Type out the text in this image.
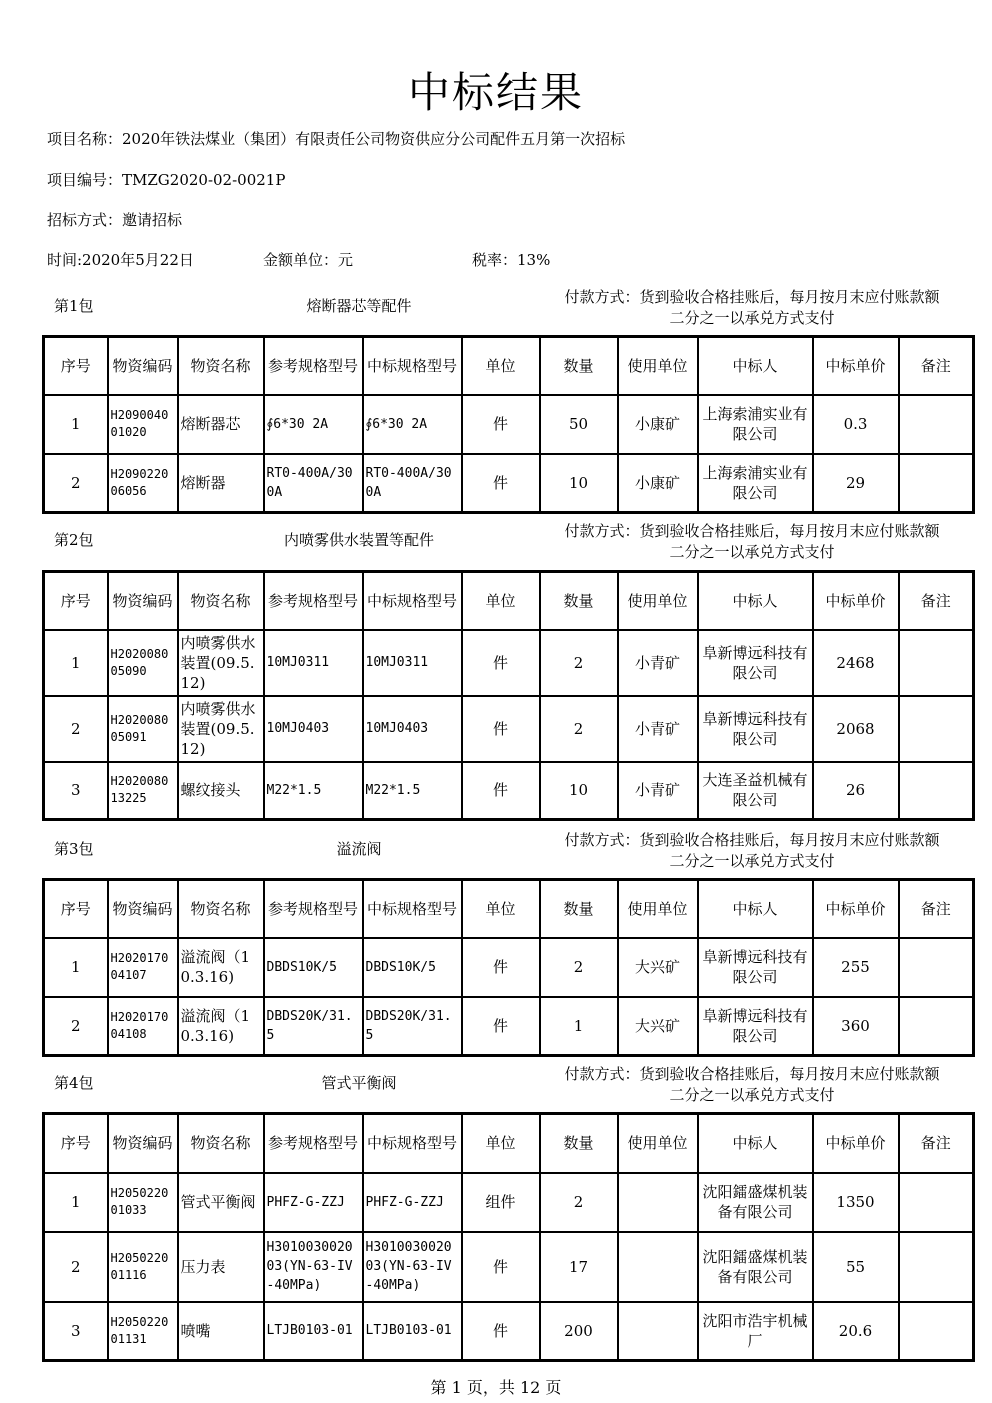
中标结果
项目名称：2020年铁法煤业（集团）有限责任公司物资供应分公司配件五月第一次招标
项目编号：TMZG2020-02-0021P
招标方式：邀请招标
时间:2020年5月22日	金额单位：元	税率：13%
第1包	熔断器芯等配件	付款方式：货到验收合格挂账后，每月按月末应付账款额
二分之一以承兑方式支付
序号	物资编码	物资名称	参考规格型号	中标规格型号	单位	数量	使用单位	中标人	中标单价	备注
1	H209004001020	熔断器芯	∮6*30 2A	∮6*30 2A	件	50	小康矿	上海索浦实业有限公司	0.3	
2	H209022006056	熔断器	RT0-400A/300A	RT0-400A/300A	件	10	小康矿	上海索浦实业有限公司	29	
第2包	内喷雾供水装置等配件	付款方式：货到验收合格挂账后，每月按月末应付账款额
二分之一以承兑方式支付
序号	物资编码	物资名称	参考规格型号	中标规格型号	单位	数量	使用单位	中标人	中标单价	备注
1	H202008005090	内喷雾供水装置(09.5.12)	10MJ0311	10MJ0311	件	2	小青矿	阜新博远科技有限公司	2468	
2	H202008005091	内喷雾供水装置(09.5.12)	10MJ0403	10MJ0403	件	2	小青矿	阜新博远科技有限公司	2068	
3	H202008013225	螺纹接头	M22*1.5	M22*1.5	件	10	小青矿	大连圣益机械有限公司	26	
第3包	溢流阀	付款方式：货到验收合格挂账后，每月按月末应付账款额
二分之一以承兑方式支付
序号	物资编码	物资名称	参考规格型号	中标规格型号	单位	数量	使用单位	中标人	中标单价	备注
1	H202017004107	溢流阀（10.3.16)	DBDS10K/5	DBDS10K/5	件	2	大兴矿	阜新博远科技有限公司	255	
2	H202017004108	溢流阀（10.3.16)	DBDS20K/31.5	DBDS20K/31.5	件	1	大兴矿	阜新博远科技有限公司	360	
第4包	管式平衡阀	付款方式：货到验收合格挂账后，每月按月末应付账款额
二分之一以承兑方式支付
序号	物资编码	物资名称	参考规格型号	中标规格型号	单位	数量	使用单位	中标人	中标单价	备注
1	H205022001033	管式平衡阀	PHFZ-G-ZZJ	PHFZ-G-ZZJ	组件	2		沈阳鐳盛煤机装备有限公司	1350	
2	H205022001116	压力表	H301003002003(YN-63-IV-40MPa)	H301003002003(YN-63-IV-40MPa)	件	17		沈阳鐳盛煤机装备有限公司	55	
3	H205022001131	喷嘴	LTJB0103-01	LTJB0103-01	件	200		沈阳市浩宇机械厂	20.6	
第 1 页，共 12 页
